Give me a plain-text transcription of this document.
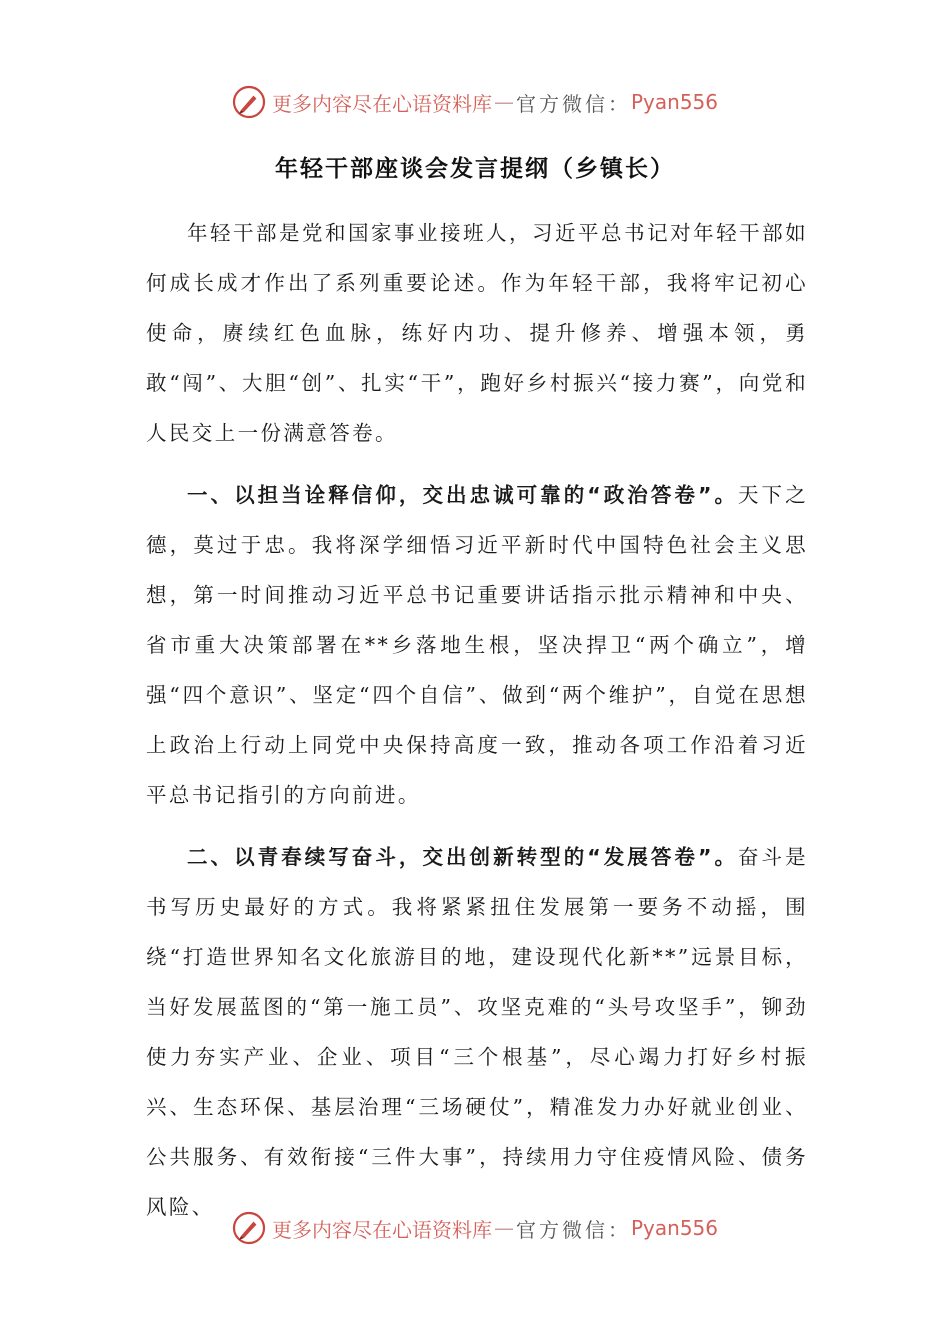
更多内容尽在心语资料库 — 官方微信： Pyan556
年轻干部座谈会发言提纲（乡镇长）

年轻干部是党和国家事业接班人，习近平总书记对年轻干部如何成长成才作出了系列重要论述。作为年轻干部，我将牢记初心使命，赓续红色血脉，练好内功、提升修养、增强本领，勇敢“闯”、大胆“创”、扎实“干”，跑好乡村振兴“接力赛”，向党和人民交上一份满意答卷。

一、以担当诠释信仰，交出忠诚可靠的“政治答卷”。天下之德，莫过于忠。我将深学细悟习近平新时代中国特色社会主义思想，第一时间推动习近平总书记重要讲话指示批示精神和中央、省市重大决策部署在**乡落地生根，坚决捍卫“两个确立”，增强“四个意识”、坚定“四个自信”、做到“两个维护”，自觉在思想上政治上行动上同党中央保持高度一致，推动各项工作沿着习近平总书记指引的方向前进。

二、以青春续写奋斗，交出创新转型的“发展答卷”。奋斗是书写历史最好的方式。我将紧紧扭住发展第一要务不动摇，围绕“打造世界知名文化旅游目的地，建设现代化新**”远景目标，当好发展蓝图的“第一施工员”、攻坚克难的“头号攻坚手”，铆劲使力夯实产业、企业、项目“三个根基”，尽心竭力打好乡村振兴、生态环保、基层治理“三场硬仗”，精准发力办好就业创业、公共服务、有效衔接“三件大事”，持续用力守住疫情风险、债务风险、

更多内容尽在心语资料库 — 官方微信： Pyan556
